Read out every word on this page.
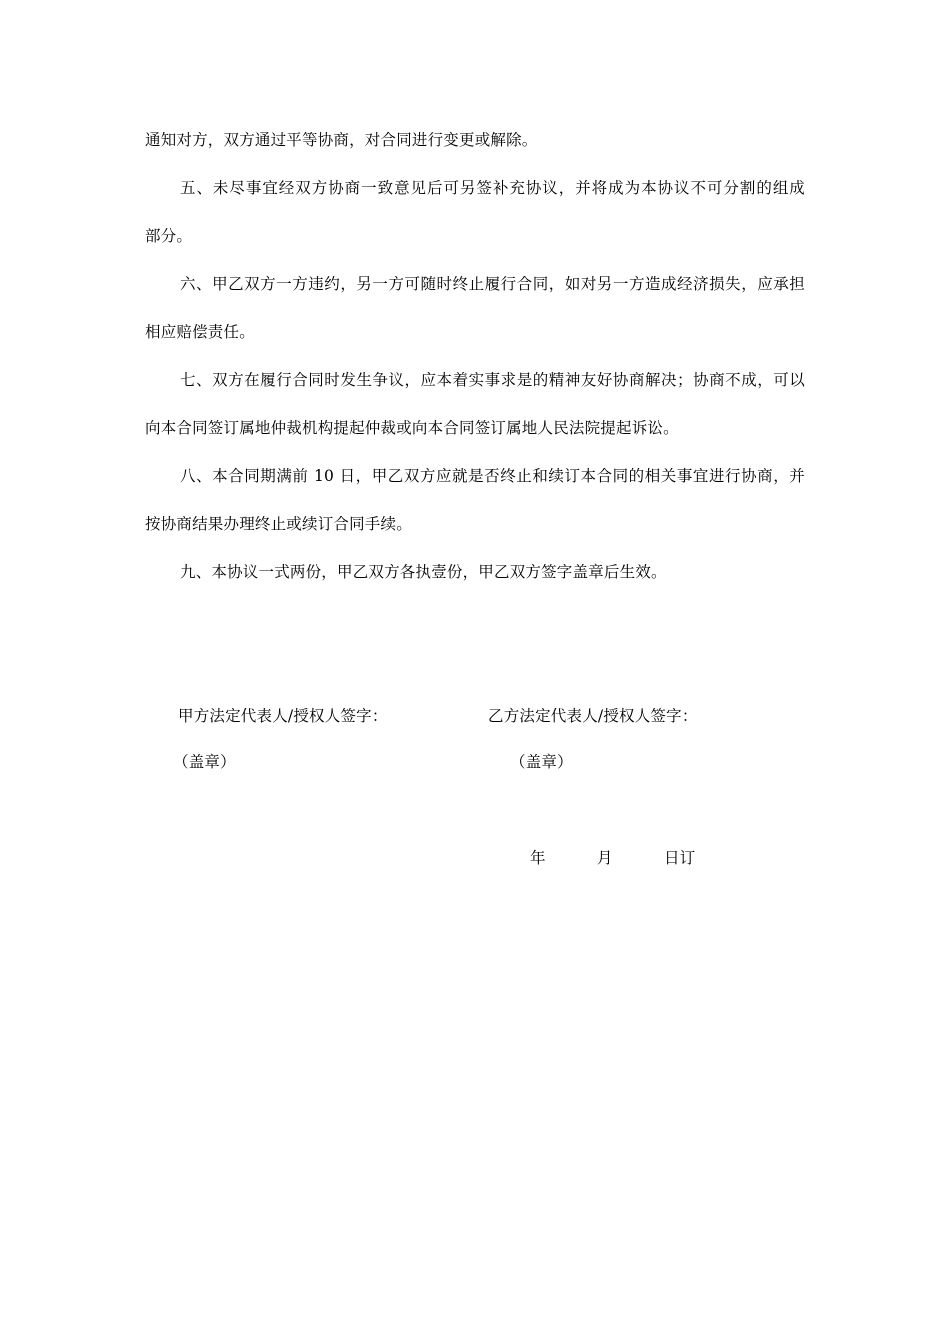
通知对方，双方通过平等协商，对合同进行变更或解除。
五、未尽事宜经双方协商一致意见后可另签补充协议，并将成为本协议不可分割的组成
部分。
六、甲乙双方一方违约，另一方可随时终止履行合同，如对另一方造成经济损失，应承担
相应赔偿责任。
七、双方在履行合同时发生争议，应本着实事求是的精神友好协商解决；协商不成，可以
向本合同签订属地仲裁机构提起仲裁或向本合同签订属地人民法院提起诉讼。
八、本合同期满前 10 日，甲乙双方应就是否终止和续订本合同的相关事宜进行协商，并
按协商结果办理终止或续订合同手续。
九、本协议一式两份，甲乙双方各执壹份，甲乙双方签字盖章后生效。
甲方法定代表人/授权人签字：	乙方法定代表人/授权人签字：
（盖章）	（盖章）
年	月	日订
